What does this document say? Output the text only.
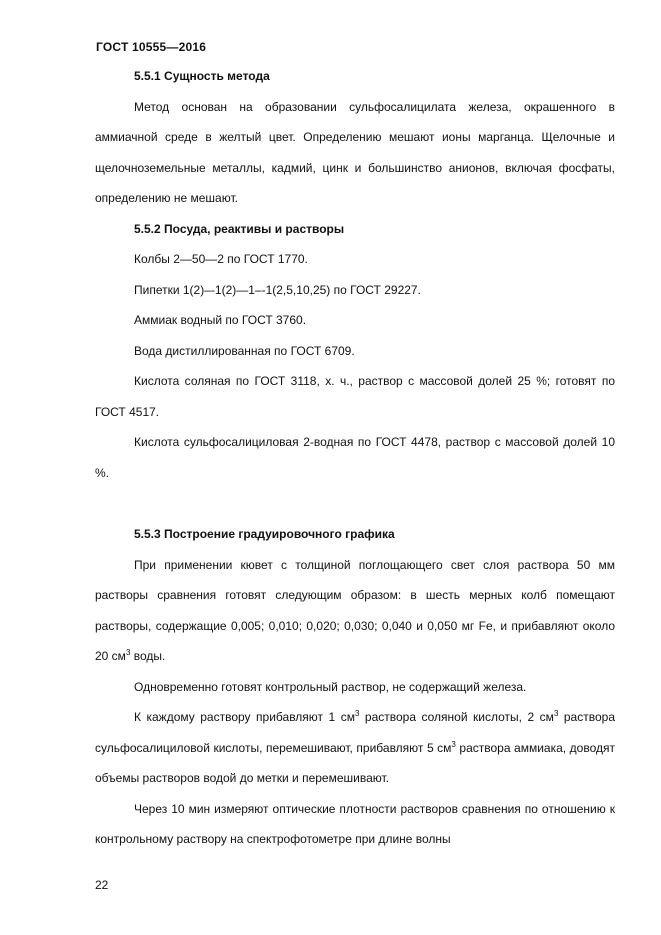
ГОСТ 10555—2016

5.5.1 Сущность метода

Метод основан на образовании сульфосалицилата железа, окрашенного в аммиачной среде в желтый цвет. Определению мешают ионы марганца. Щелочные и щелочноземельные металлы, кадмий, цинк и большинство анионов, включая фосфаты, определению не мешают.

5.5.2 Посуда, реактивы и растворы

Колбы 2—50—2 по ГОСТ 1770.

Пипетки 1(2)–-1(2)—1–-1(2,5,10,25) по ГОСТ 29227.

Аммиак водный по ГОСТ 3760.

Вода дистиллированная по ГОСТ 6709.

Кислота соляная по ГОСТ 3118, х. ч., раствор с массовой долей 25 %; готовят по ГОСТ 4517.

Кислота сульфосалициловая 2-водная по ГОСТ 4478, раствор с массовой долей 10 %.

5.5.3 Построение градуировочного графика

При применении кювет с толщиной поглощающего свет слоя раствора 50 мм растворы сравнения готовят следующим образом: в шесть мерных колб помещают растворы, содержащие 0,005; 0,010; 0,020; 0,030; 0,040 и 0,050 мг Fe, и прибавляют около 20 $см^3$ воды.

Одновременно готовят контрольный раствор, не содержащий железа.

К каждому раствору прибавляют 1 $см^3$ раствора соляной кислоты, 2 $см^3$ раствора сульфосалициловой кислоты, перемешивают, прибавляют 5 $см^3$ раствора аммиака, доводят объемы растворов водой до метки и перемешивают.

Через 10 мин измеряют оптические плотности растворов сравнения по отношению к контрольному раствору на спектрофотометре при длине волны

22
